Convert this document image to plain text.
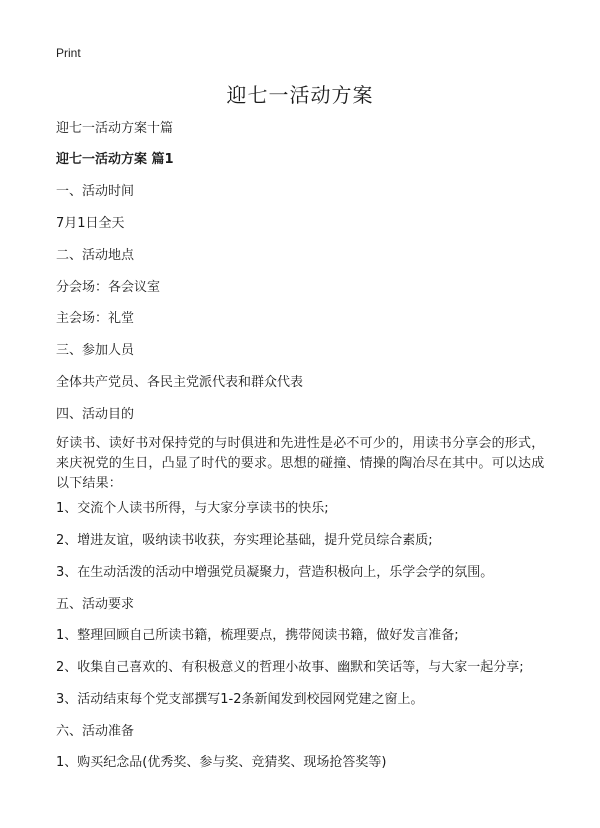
Print
迎七一活动方案

迎七一活动方案十篇

迎七一活动方案 篇1

一、活动时间

7月1日全天

二、活动地点

分会场：各会议室

主会场：礼堂

三、参加人员

全体共产党员、各民主党派代表和群众代表

四、活动目的

好读书、读好书对保持党的与时俱进和先进性是必不可少的，用读书分享会的形式，来庆祝党的生日，凸显了时代的要求。思想的碰撞、情操的陶冶尽在其中。可以达成以下结果：

1、交流个人读书所得，与大家分享读书的快乐;

2、增进友谊，吸纳读书收获，夯实理论基础，提升党员综合素质;

3、在生动活泼的活动中增强党员凝聚力，营造积极向上，乐学会学的氛围。

五、活动要求

1、整理回顾自己所读书籍，梳理要点，携带阅读书籍，做好发言准备;

2、收集自己喜欢的、有积极意义的哲理小故事、幽默和笑话等，与大家一起分享;

3、活动结束每个党支部撰写1-2条新闻发到校园网党建之窗上。

六、活动准备

1、购买纪念品(优秀奖、参与奖、竞猜奖、现场抢答奖等)
